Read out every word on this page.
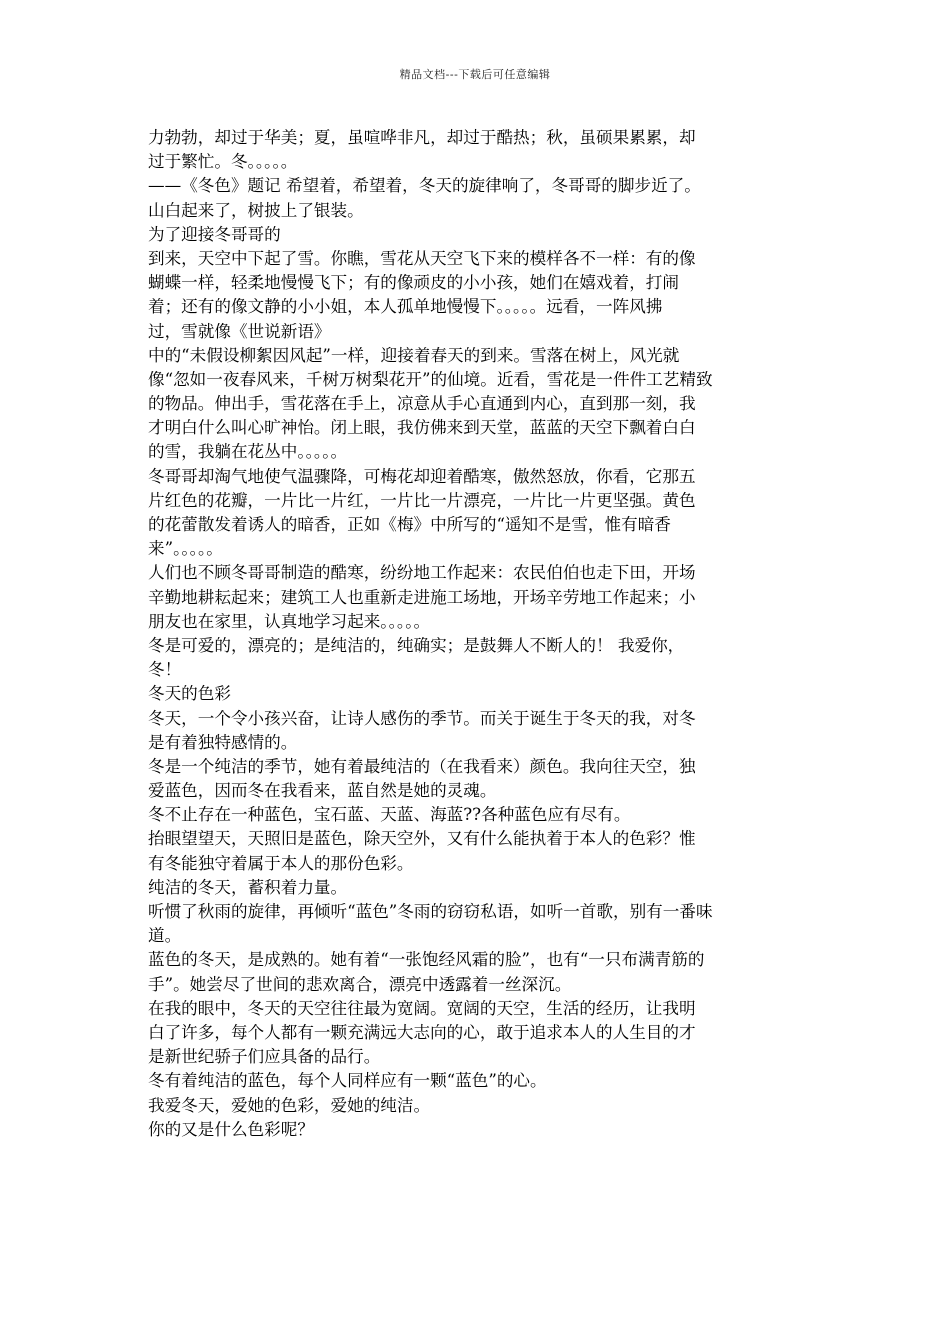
精品文档---下载后可任意编辑
力勃勃，却过于华美；夏，虽喧哗非凡，却过于酷热；秋，虽硕果累累，却
过于繁忙。冬。。。。。
——《冬色》题记 希望着，希望着，冬天的旋律响了，冬哥哥的脚步近了。
山白起来了，树披上了银装。
为了迎接冬哥哥的
到来，天空中下起了雪。你瞧，雪花从天空飞下来的模样各不一样：有的像
蝴蝶一样，轻柔地慢慢飞下；有的像顽皮的小小孩，她们在嬉戏着，打闹
着；还有的像文静的小小姐，本人孤单地慢慢下。。。。。远看，一阵风拂
过，雪就像《世说新语》
中的“未假设柳絮因风起”一样，迎接着春天的到来。雪落在树上，风光就
像“忽如一夜春风来，千树万树梨花开”的仙境。近看，雪花是一件件工艺精致
的物品。伸出手，雪花落在手上，凉意从手心直通到内心，直到那一刻，我
才明白什么叫心旷神怡。闭上眼，我仿佛来到天堂，蓝蓝的天空下飘着白白
的雪，我躺在花丛中。。。。。
冬哥哥却淘气地使气温骤降，可梅花却迎着酷寒，傲然怒放，你看，它那五
片红色的花瓣，一片比一片红，一片比一片漂亮，一片比一片更坚强。黄色
的花蕾散发着诱人的暗香，正如《梅》中所写的“遥知不是雪，惟有暗香
来”。。。。。
人们也不顾冬哥哥制造的酷寒，纷纷地工作起来：农民伯伯也走下田，开场
辛勤地耕耘起来；建筑工人也重新走进施工场地，开场辛劳地工作起来；小
朋友也在家里，认真地学习起来。。。。。
冬是可爱的，漂亮的；是纯洁的，纯确实；是鼓舞人不断人的！ 我爱你，
冬！
冬天的色彩
冬天，一个令小孩兴奋，让诗人感伤的季节。而关于诞生于冬天的我，对冬
是有着独特感情的。
冬是一个纯洁的季节，她有着最纯洁的（在我看来）颜色。我向往天空，独
爱蓝色，因而冬在我看来，蓝自然是她的灵魂。
冬不止存在一种蓝色，宝石蓝、天蓝、海蓝??各种蓝色应有尽有。
抬眼望望天，天照旧是蓝色，除天空外，又有什么能执着于本人的色彩？惟
有冬能独守着属于本人的那份色彩。
纯洁的冬天，蓄积着力量。
听惯了秋雨的旋律，再倾听“蓝色”冬雨的窃窃私语，如听一首歌，别有一番味
道。
蓝色的冬天，是成熟的。她有着“一张饱经风霜的脸”，也有“一只布满青筋的
手”。她尝尽了世间的悲欢离合，漂亮中透露着一丝深沉。
在我的眼中，冬天的天空往往最为宽阔。宽阔的天空，生活的经历，让我明
白了许多，每个人都有一颗充满远大志向的心，敢于追求本人的人生目的才
是新世纪骄子们应具备的品行。
冬有着纯洁的蓝色，每个人同样应有一颗“蓝色”的心。
我爱冬天，爱她的色彩，爱她的纯洁。
你的又是什么色彩呢？
